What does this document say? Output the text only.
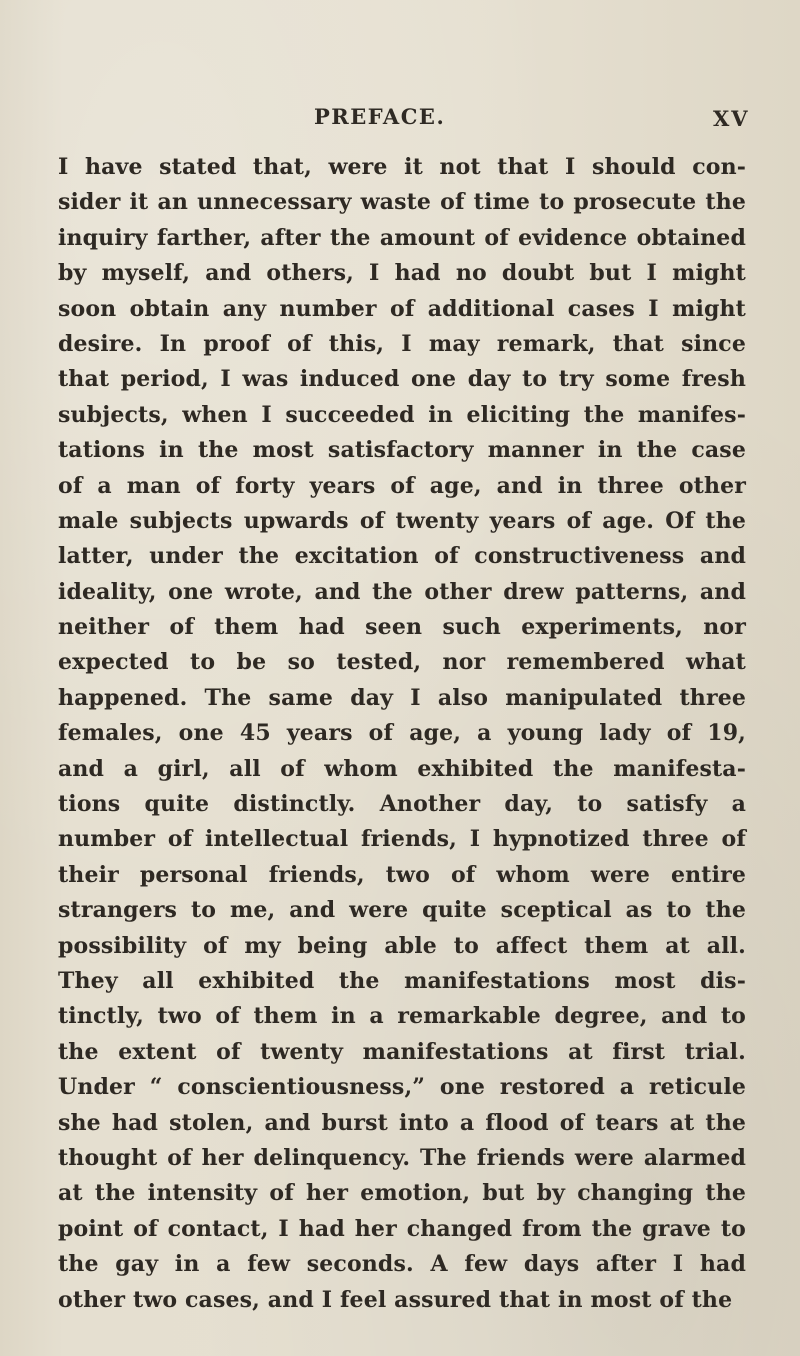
PREFACE.	XV
I have stated that, were it not that I should con-
sider it an unnecessary waste of time to prosecute the
inquiry farther, after the amount of evidence obtained
by myself, and others, I had no doubt but I might
soon obtain any number of additional cases I might
desire. In proof of this, I may remark, that since
that period, I was induced one day to try some fresh
subjects, when I succeeded in eliciting the manifes-
tations in the most satisfactory manner in the case
of a man of forty years of age, and in three other
male subjects upwards of twenty years of age. Of the
latter, under the excitation of constructiveness and
ideality, one wrote, and the other drew patterns, and
neither of them had seen such experiments, nor
expected to be so tested, nor remembered what
happened. The same day I also manipulated three
females, one 45 years of age, a young lady of 19,
and a girl, all of whom exhibited the manifesta-
tions quite distinctly. Another day, to satisfy a
number of intellectual friends, I hypnotized three of
their personal friends, two of whom were entire
strangers to me, and were quite sceptical as to the
possibility of my being able to affect them at all.
They all exhibited the manifestations most dis-
tinctly, two of them in a remarkable degree, and to
the extent of twenty manifestations at first trial.
Under “ conscientiousness,” one restored a reticule
she had stolen, and burst into a flood of tears at the
thought of her delinquency. The friends were alarmed
at the intensity of her emotion, but by changing the
point of contact, I had her changed from the grave to
the gay in a few seconds. A few days after I had
other two cases, and I feel assured that in most of the
